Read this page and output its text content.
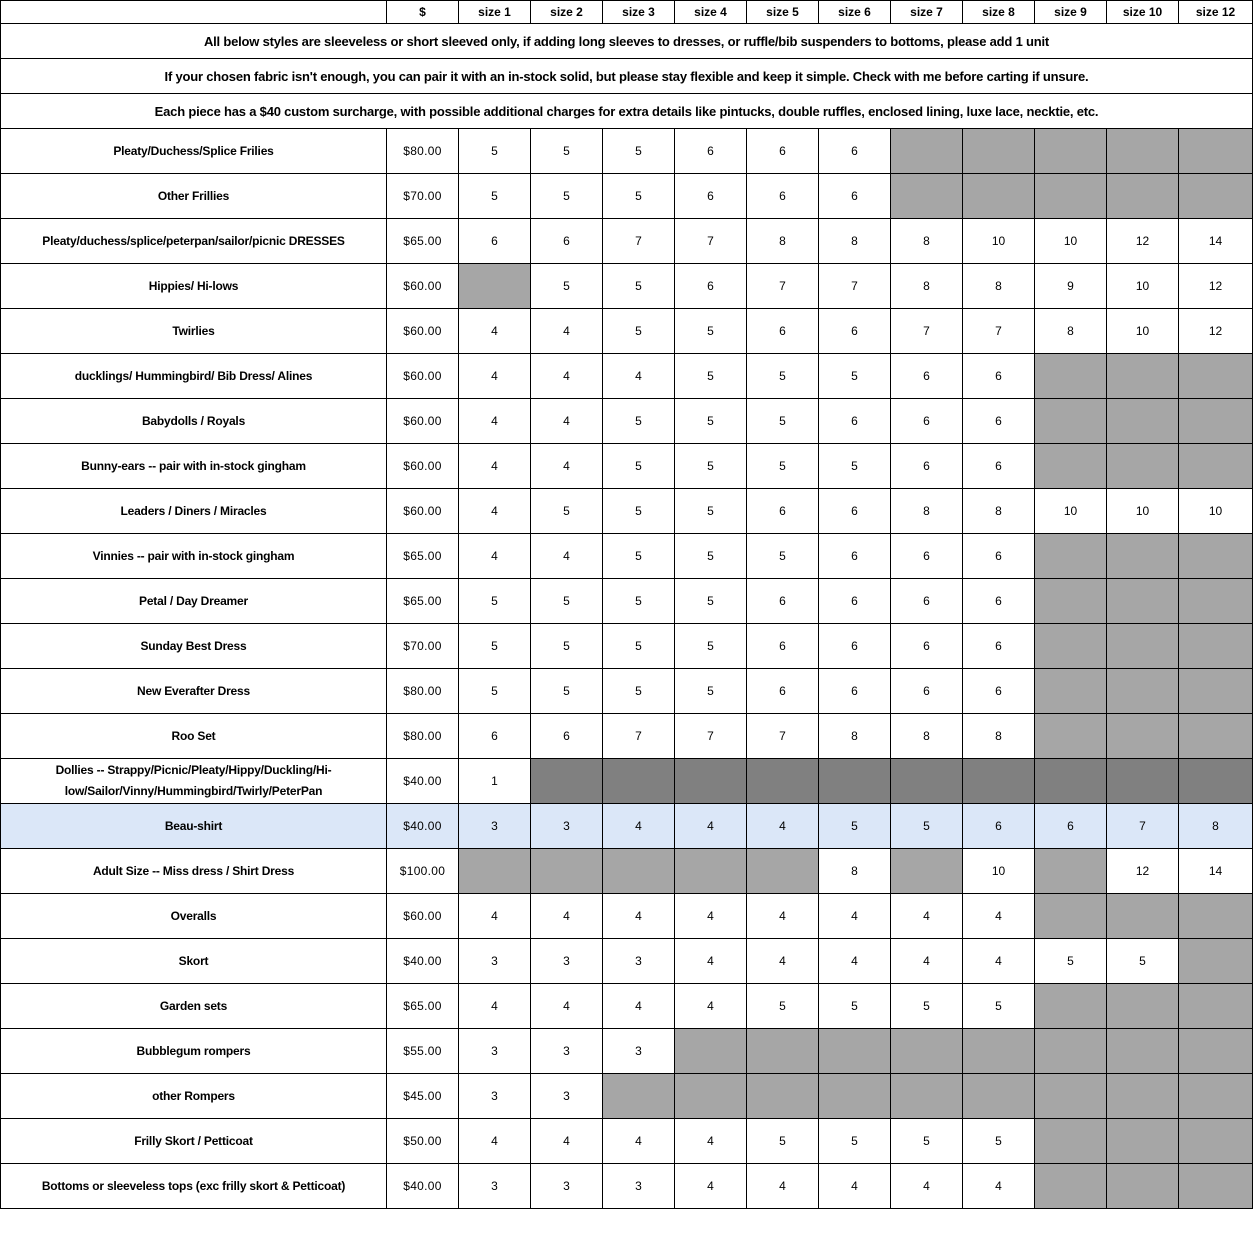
	$	size 1	size 2	size 3	size 4	size 5	size 6	size 7	size 8	size 9	size 10	size 12
All below styles are sleeveless or short sleeved only, if adding long sleeves to dresses, or ruffle/bib suspenders to bottoms, please add 1 unit												
If your chosen fabric isn't enough, you can pair it with an in-stock solid, but please stay flexible and keep it simple. Check with me before carting if unsure.												
Each piece has a $40 custom surcharge, with possible additional charges for extra details like pintucks, double ruffles, enclosed lining, luxe lace, necktie, etc.												
Pleaty/Duchess/Splice Frilies	$80.00	5	5	5	6	6	6					
Other Frillies	$70.00	5	5	5	6	6	6					
Pleaty/duchess/splice/peterpan/sailor/picnic DRESSES	$65.00	6	6	7	7	8	8	8	10	10	12	14
Hippies/ Hi-lows	$60.00		5	5	6	7	7	8	8	9	10	12
Twirlies	$60.00	4	4	5	5	6	6	7	7	8	10	12
ducklings/ Hummingbird/ Bib Dress/ Alines	$60.00	4	4	4	5	5	5	6	6			
Babydolls / Royals	$60.00	4	4	5	5	5	6	6	6			
Bunny-ears -- pair with in-stock gingham	$60.00	4	4	5	5	5	5	6	6			
Leaders / Diners / Miracles	$60.00	4	5	5	5	6	6	8	8	10	10	10
Vinnies -- pair with in-stock gingham	$65.00	4	4	5	5	5	6	6	6			
Petal / Day Dreamer	$65.00	5	5	5	5	6	6	6	6			
Sunday Best Dress	$70.00	5	5	5	5	6	6	6	6			
New Everafter Dress	$80.00	5	5	5	5	6	6	6	6			
Roo Set	$80.00	6	6	7	7	7	8	8	8			
Dollies -- Strappy/Picnic/Pleaty/Hippy/Duckling/Hi-low/Sailor/Vinny/Hummingbird/Twirly/PeterPan	$40.00	1										
Beau-shirt	$40.00	3	3	4	4	4	5	5	6	6	7	8
Adult Size -- Miss dress / Shirt Dress	$100.00						8		10		12	14
Overalls	$60.00	4	4	4	4	4	4	4	4			
Skort	$40.00	3	3	3	4	4	4	4	4	5	5	
Garden sets	$65.00	4	4	4	4	5	5	5	5			
Bubblegum rompers	$55.00	3	3	3								
other Rompers	$45.00	3	3									
Frilly Skort / Petticoat	$50.00	4	4	4	4	5	5	5	5			
Bottoms or sleeveless tops (exc frilly skort & Petticoat)	$40.00	3	3	3	4	4	4	4	4			
